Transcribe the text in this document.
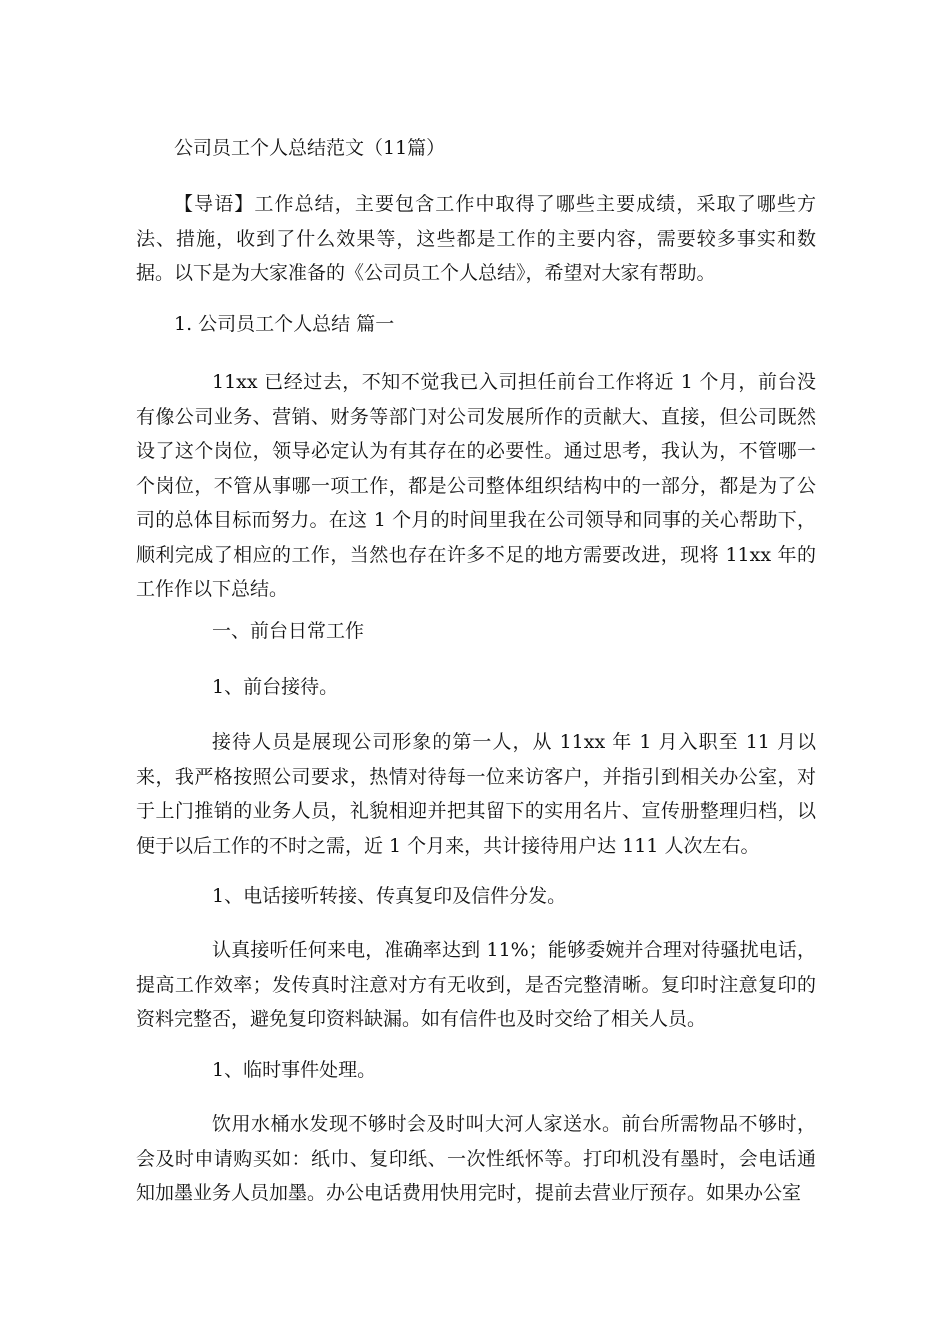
公司员工个人总结范文（11篇）

【导语】工作总结，主要包含工作中取得了哪些主要成绩，采取了哪些方法、措施，收到了什么效果等，这些都是工作的主要内容，需要较多事实和数据。以下是为大家准备的《公司员工个人总结》，希望对大家有帮助。

1. 公司员工个人总结 篇一

11xx 已经过去，不知不觉我已入司担任前台工作将近 1 个月，前台没有像公司业务、营销、财务等部门对公司发展所作的贡献大、直接，但公司既然设了这个岗位，领导必定认为有其存在的必要性。通过思考，我认为，不管哪一个岗位，不管从事哪一项工作，都是公司整体组织结构中的一部分，都是为了公司的总体目标而努力。在这 1 个月的时间里我在公司领导和同事的关心帮助下，顺利完成了相应的工作，当然也存在许多不足的地方需要改进，现将 11xx 年的工作作以下总结。

一、前台日常工作
1、前台接待。

接待人员是展现公司形象的第一人，从 11xx 年 1 月入职至 11 月以来，我严格按照公司要求，热情对待每一位来访客户，并指引到相关办公室，对于上门推销的业务人员，礼貌相迎并把其留下的实用名片、宣传册整理归档，以便于以后工作的不时之需，近 1 个月来，共计接待用户达 111 人次左右。

1、电话接听转接、传真复印及信件分发。

认真接听任何来电，准确率达到 11%；能够委婉并合理对待骚扰电话，提高工作效率；发传真时注意对方有无收到，是否完整清晰。复印时注意复印的资料完整否，避免复印资料缺漏。如有信件也及时交给了相关人员。

1、临时事件处理。

饮用水桶水发现不够时会及时叫大河人家送水。前台所需物品不够时，会及时申请购买如：纸巾、复印纸、一次性纸怀等。打印机没有墨时，会电话通知加墨业务人员加墨。办公电话费用快用完时，提前去营业厅预存。如果办公室
